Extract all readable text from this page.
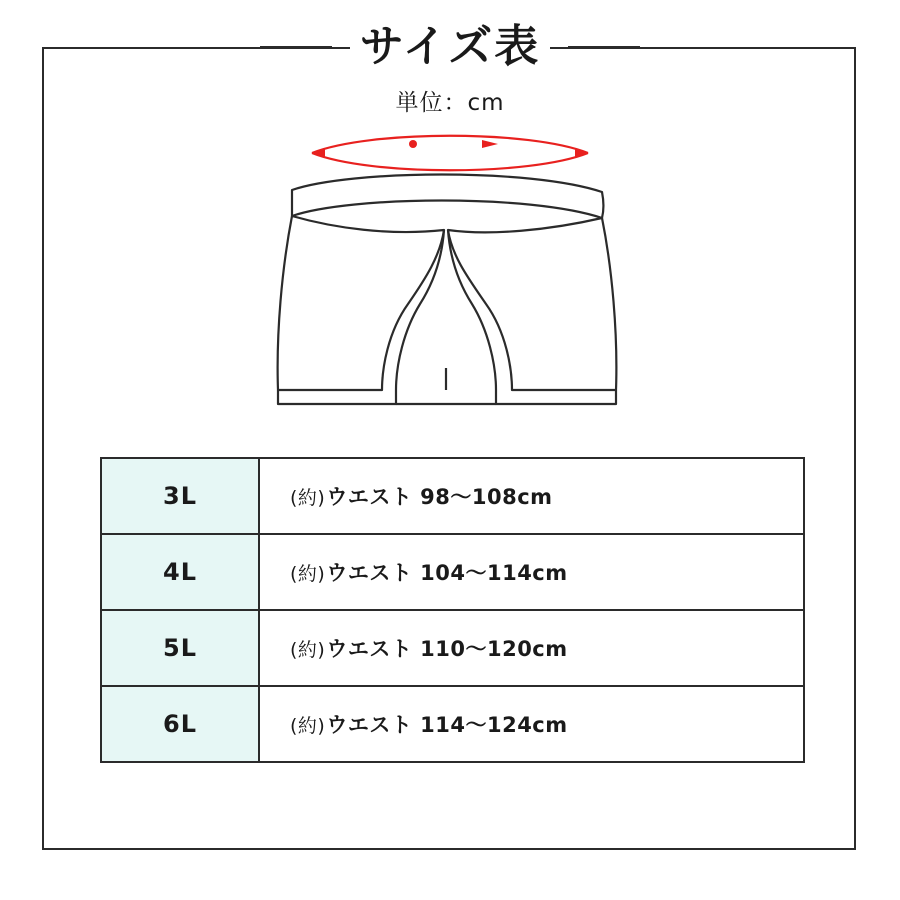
サイズ表
単位：cm
3L	(約) ウエスト 98〜108cm
4L	(約) ウエスト 104〜114cm
5L	(約) ウエスト 110〜120cm
6L	(約) ウエスト 114〜124cm
